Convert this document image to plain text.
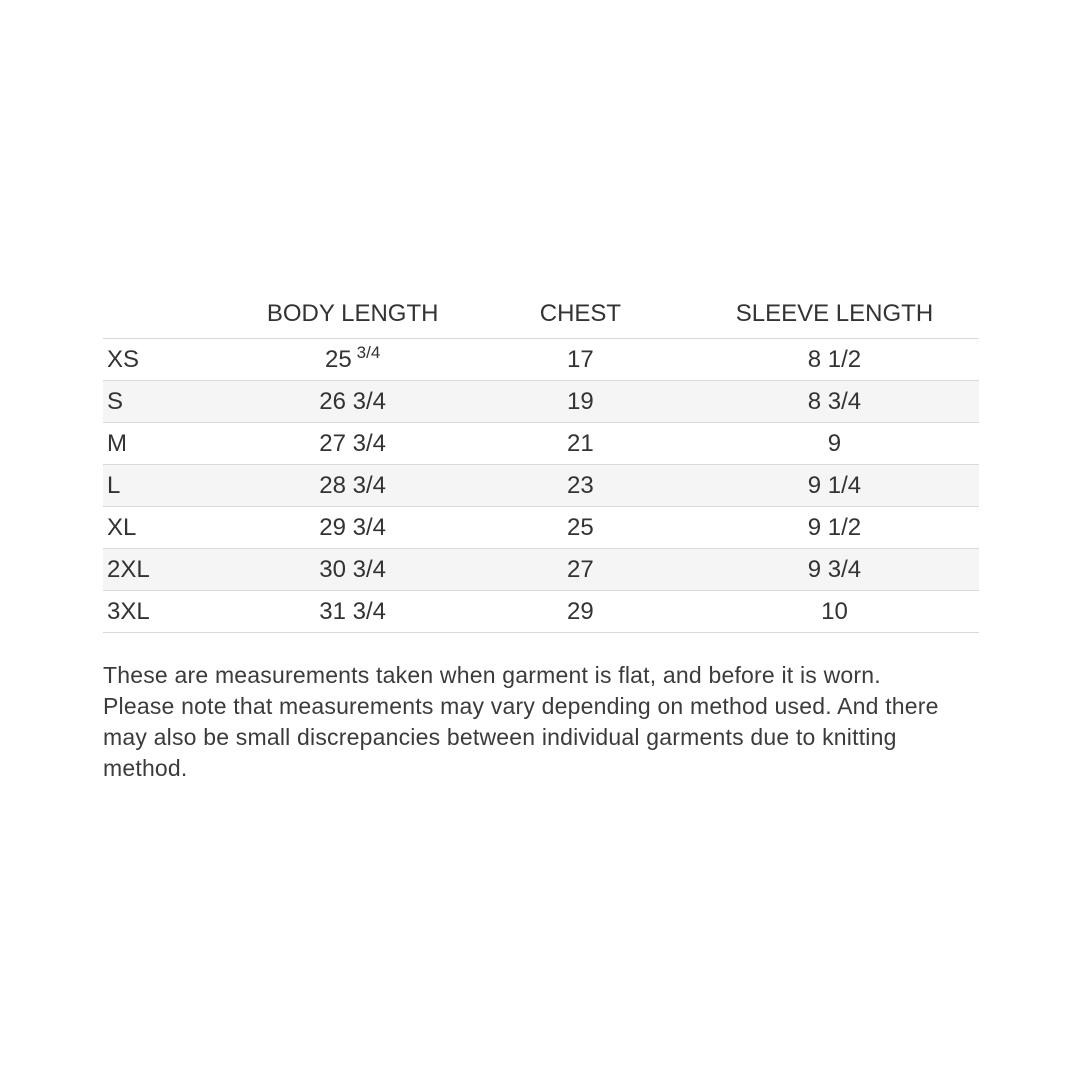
	BODY LENGTH	CHEST	SLEEVE LENGTH
XS	25 $^{3/4}$	17	8 1/2
S	26 3/4	19	8 3/4
M	27 3/4	21	9
L	28 3/4	23	9 1/4
XL	29 3/4	25	9 1/2
2XL	30 3/4	27	9 3/4
3XL	31 3/4	29	10

These are measurements taken when garment is flat, and before it is worn. Please note that measurements may vary depending on method used. And there may also be small discrepancies between individual garments due to knitting method.
